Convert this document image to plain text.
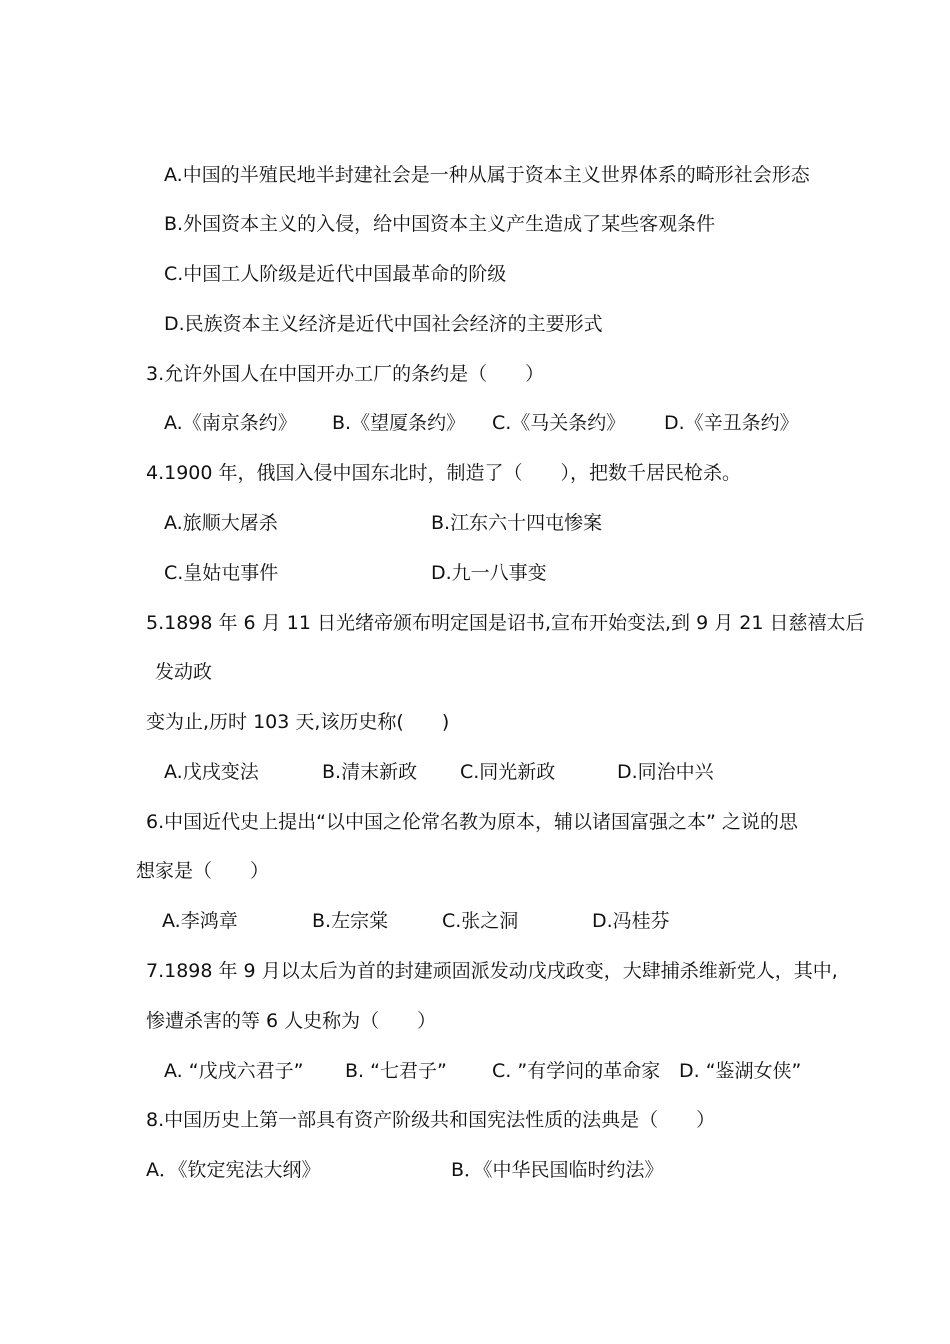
A.中国的半殖民地半封建社会是一种从属于资本主义世界体系的畸形社会形态
B.外国资本主义的入侵，给中国资本主义产生造成了某些客观条件
C.中国工人阶级是近代中国最革命的阶级
D.民族资本主义经济是近代中国社会经济的主要形式
3.允许外国人在中国开办工厂的条约是（　　）
A.《南京条约》 B.《望厦条约》 C.《马关条约》 D.《辛丑条约》
4.1900 年，俄国入侵中国东北时，制造了（　　），把数千居民枪杀。
A.旅顺大屠杀	B.江东六十四屯惨案
C.皇姑屯事件	D.九一八事变
5.1898 年 6 月 11 日光绪帝颁布明定国是诏书,宣布开始变法,到 9 月 21 日慈禧太后
发动政
变为止,历时 103 天,该历史称(　　)
A.戊戌变法	B.清末新政 C.同光新政	D.同治中兴
6.中国近代史上提出“以中国之伦常名教为原本，辅以诸国富强之本” 之说的思
想家是（　　）
A.李鸿章	B.左宗棠	C.张之洞	D.冯桂芬
7.1898 年 9 月以太后为首的封建顽固派发动戊戌政变，大肆捕杀维新党人，其中,
惨遭杀害的等 6 人史称为（　　）
A. “戊戌六君子” B. “七君子” C. ”有学问的革命家 D. “鉴湖女侠”
8.中国历史上第一部具有资产阶级共和国宪法性质的法典是（　　）
A．《钦定宪法大纲》	B．《中华民国临时约法》
